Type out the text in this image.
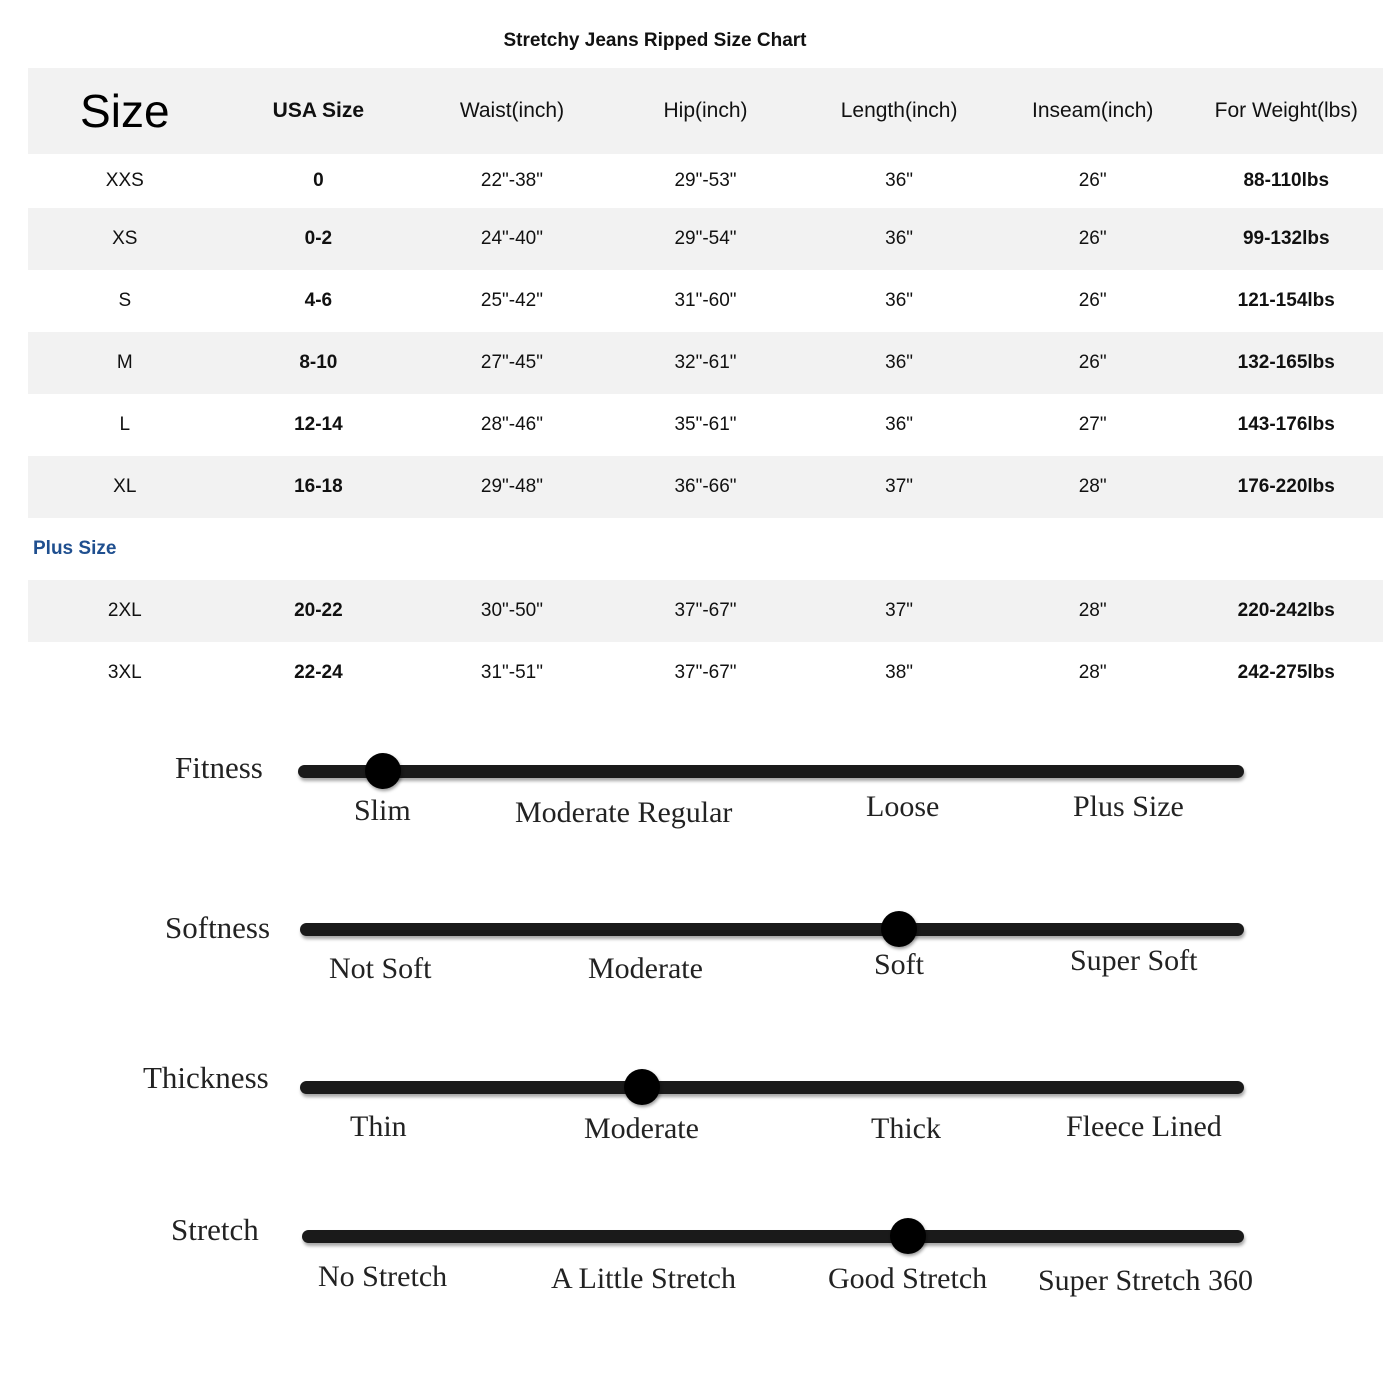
Stretchy Jeans Ripped Size Chart
Size	USA Size	Waist(inch)	Hip(inch)	Length(inch)	Inseam(inch)	For Weight(lbs)
XXS	0	22"-38"	29"-53"	36"	26"	88-110lbs
XS	0-2	24"-40"	29"-54"	36"	26"	99-132lbs
S	4-6	25"-42"	31"-60"	36"	26"	121-154lbs
M	8-10	27"-45"	32"-61"	36"	26"	132-165lbs
L	12-14	28"-46"	35"-61"	36"	27"	143-176lbs
XL	16-18	29"-48"	36"-66"	37"	28"	176-220lbs
Plus Size
2XL	20-22	30"-50"	37"-67"	37"	28"	220-242lbs
3XL	22-24	31"-51"	37"-67"	38"	28"	242-275lbs
Fitness
Slim	Moderate Regular	Loose	Plus Size
Softness
Not Soft	Moderate	Soft	Super Soft
Thickness
Thin	Moderate	Thick	Fleece Lined
Stretch
No Stretch	A Little Stretch	Good Stretch Super Stretch 360
